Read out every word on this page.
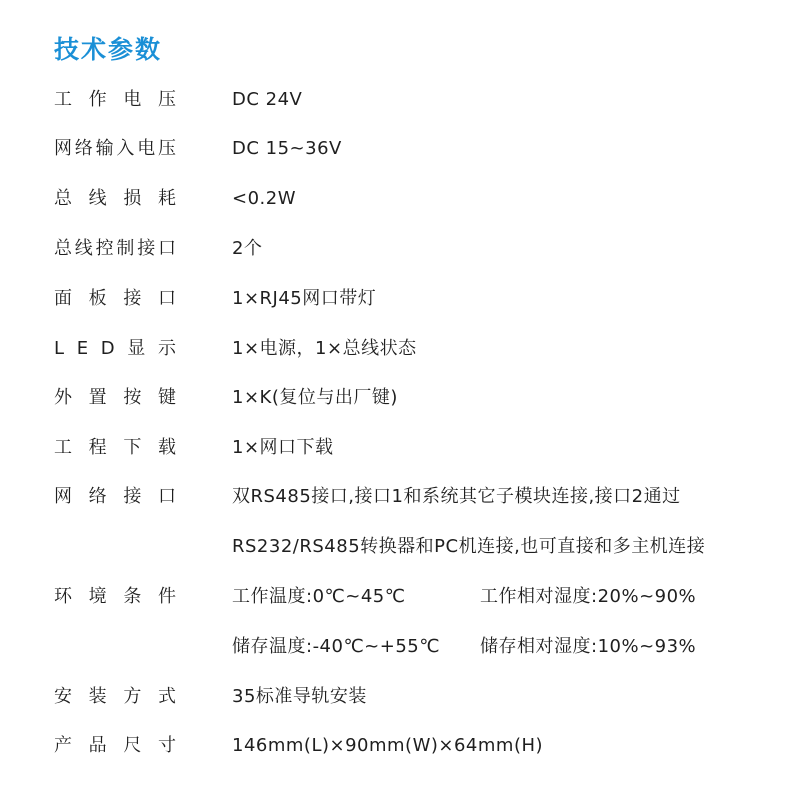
技术参数
工 作 电 压	DC 24V
网 络 输 入 电 压	DC 15~36V
总 线 损 耗	<0.2W
总 线 控 制 接 口	2个
面 板 接 口	1×RJ45网口带灯
L E D 显 示	1×电源，1×总线状态
外 置 按 键	1×K(复位与出厂键)
工 程 下 载	1×网口下载
网 络 接 口	双RS485接口,接口1和系统其它子模块连接,接口2通过
RS232/RS485转换器和PC机连接,也可直接和多主机连接
环 境 条 件	工作温度:0℃~45℃	工作相对湿度:20%~90%
储存温度:-40℃~+55℃ 储存相对湿度:10%~93%
安 装 方 式	35标准导轨安装
产 品 尺 寸	146mm(L)×90mm(W)×64mm(H)
